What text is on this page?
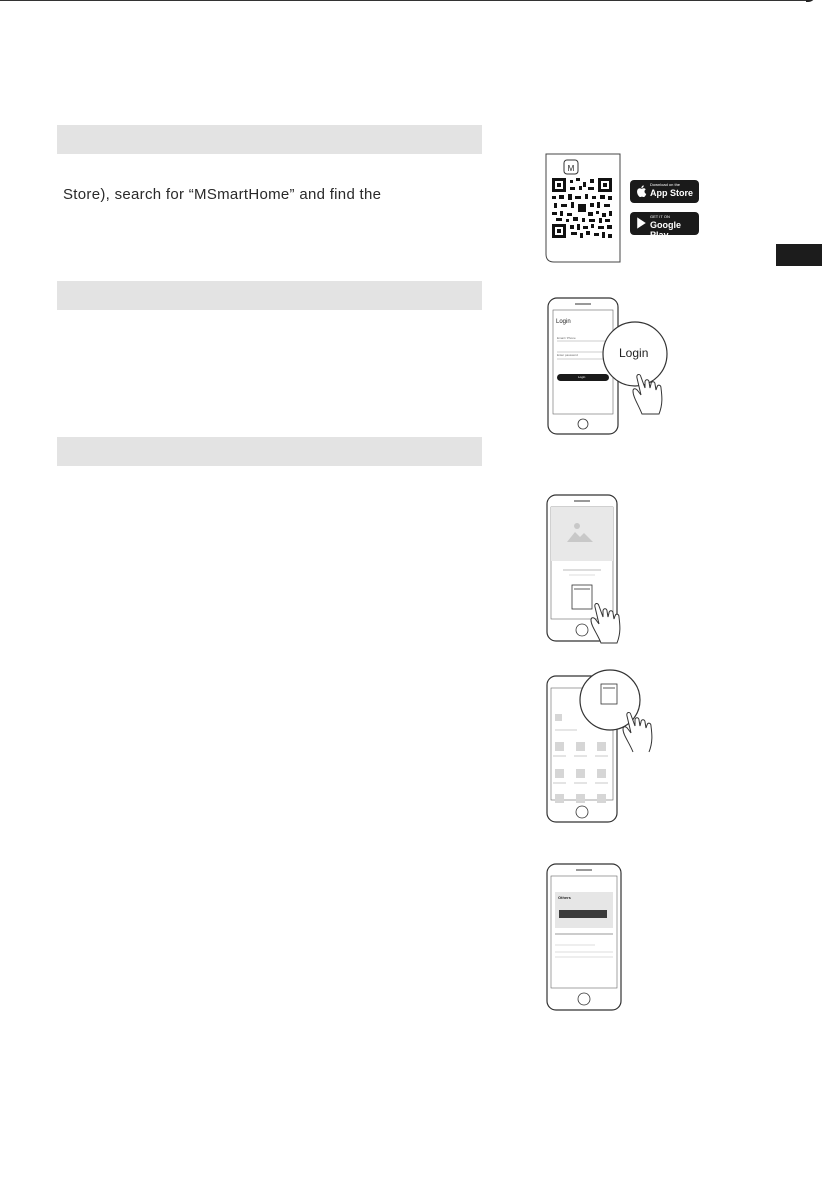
Store), search for “MSmartHome” and find the
M
Download on the
App Store
GET IT ON
Google Play
Login
Email / Phone
Enter password
Login
Login
Others
